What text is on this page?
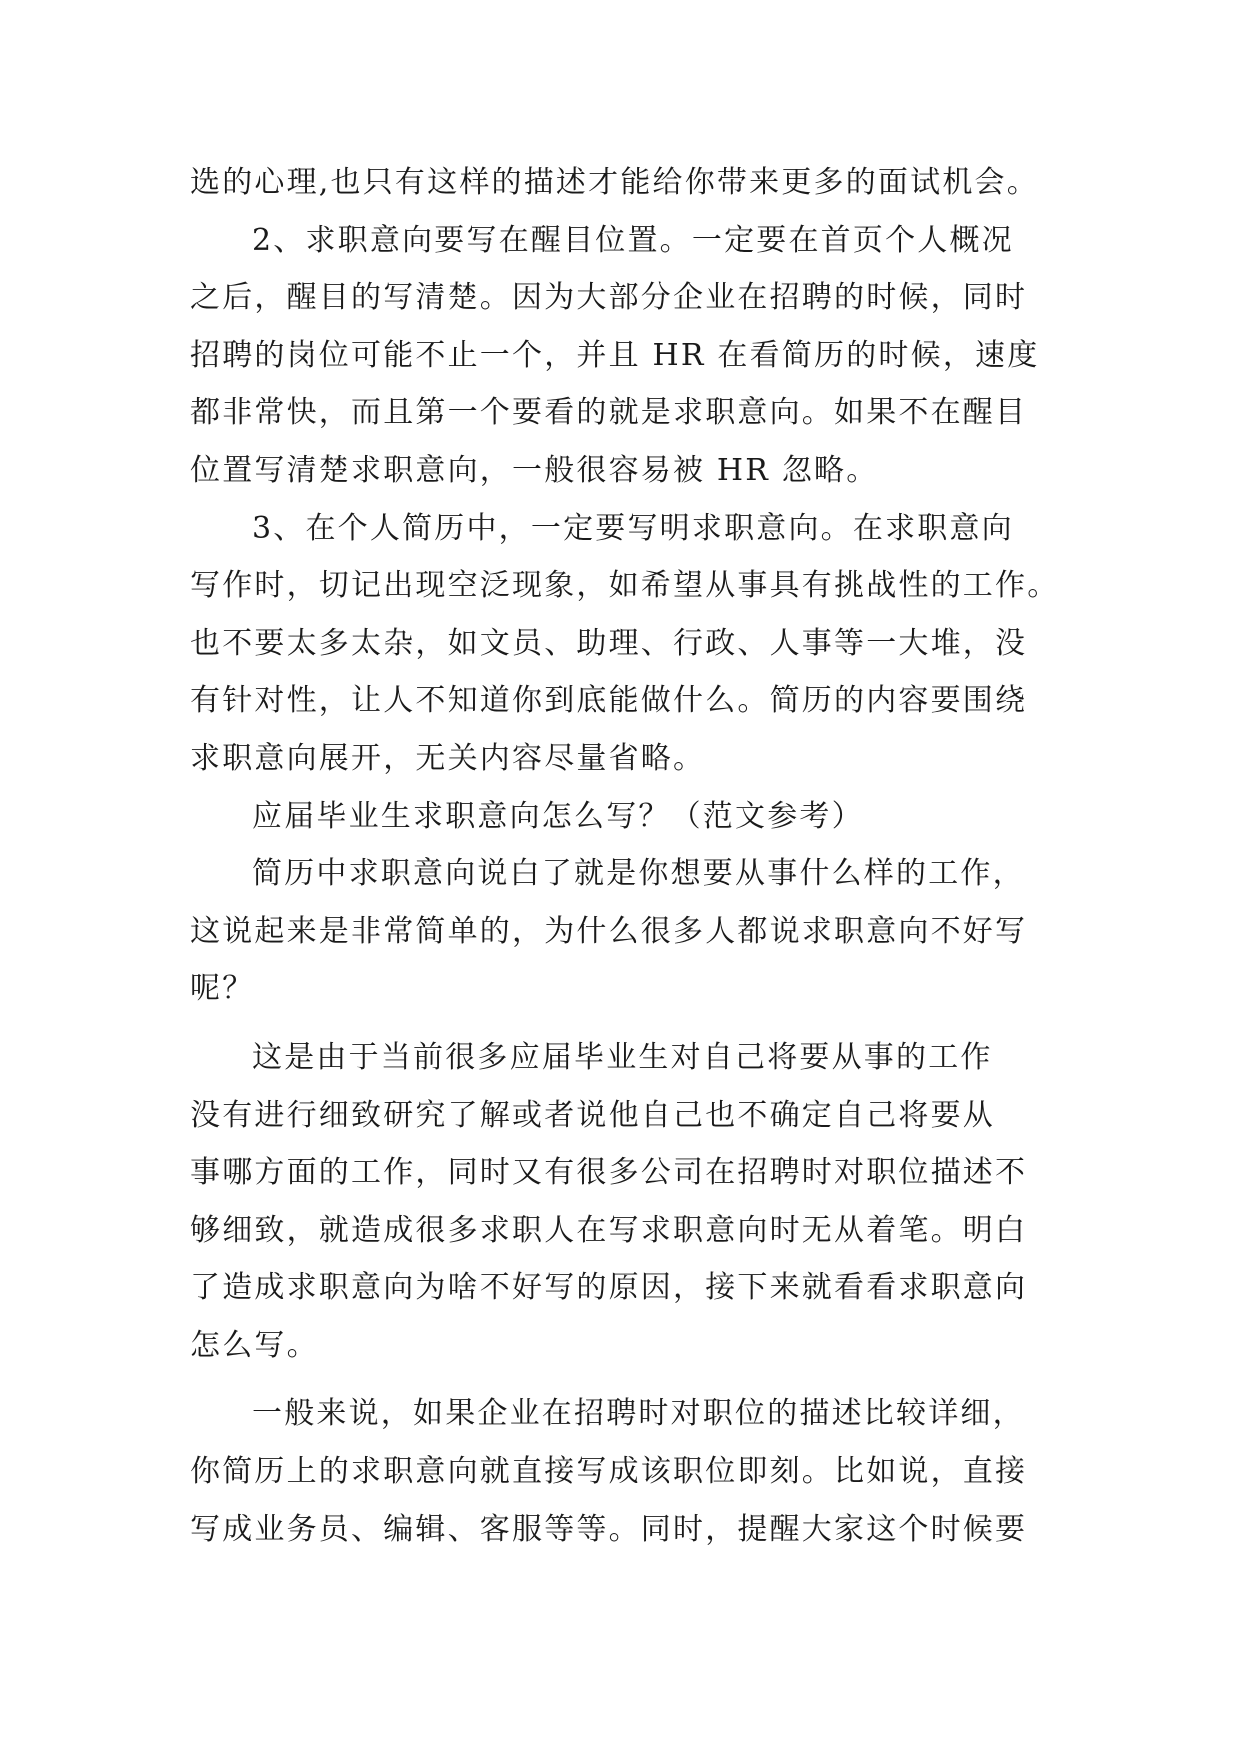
选的心理,也只有这样的描述才能给你带来更多的面试机会。
2、求职意向要写在醒目位置。一定要在首页个人概况
之后，醒目的写清楚。因为大部分企业在招聘的时候，同时
招聘的岗位可能不止一个，并且 HR 在看简历的时候，速度
都非常快，而且第一个要看的就是求职意向。如果不在醒目
位置写清楚求职意向，一般很容易被 HR 忽略。
3、在个人简历中，一定要写明求职意向。在求职意向
写作时，切记出现空泛现象，如希望从事具有挑战性的工作。
也不要太多太杂，如文员、助理、行政、人事等一大堆，没
有针对性，让人不知道你到底能做什么。简历的内容要围绕
求职意向展开，无关内容尽量省略。
应届毕业生求职意向怎么写？（范文参考）
简历中求职意向说白了就是你想要从事什么样的工作，
这说起来是非常简单的，为什么很多人都说求职意向不好写
呢？
这是由于当前很多应届毕业生对自己将要从事的工作
没有进行细致研究了解或者说他自己也不确定自己将要从
事哪方面的工作，同时又有很多公司在招聘时对职位描述不
够细致，就造成很多求职人在写求职意向时无从着笔。明白
了造成求职意向为啥不好写的原因，接下来就看看求职意向
怎么写。
一般来说，如果企业在招聘时对职位的描述比较详细，
你简历上的求职意向就直接写成该职位即刻。比如说，直接
写成业务员、编辑、客服等等。同时，提醒大家这个时候要
